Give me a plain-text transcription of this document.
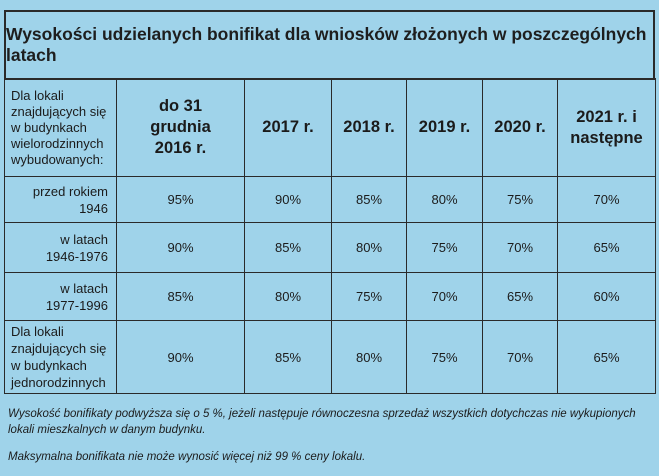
Wysokości udzielanych bonifikat dla wniosków złożonych w poszczególnych latach
Dla lokali znajdujących się w budynkach wielorodzinnych wybudowanych:	do 31 grudnia 2016 r.	2017 r.	2018 r.	2019 r.	2020 r.	2021 r. i następne
przed rokiem 1946	95%	90%	85%	80%	75%	70%
w latach 1946-1976	90%	85%	80%	75%	70%	65%
w latach 1977-1996	85%	80%	75%	70%	65%	60%
Dla lokali znajdujących się w budynkach jednorodzinnych	90%	85%	80%	75%	70%	65%

Wysokość bonifikaty podwyższa się o 5 %, jeżeli następuje równoczesna sprzedaż wszystkich dotychczas nie wykupionych lokali mieszkalnych w danym budynku.

Maksymalna bonifikata nie może wynosić więcej niż 99 % ceny lokalu.
